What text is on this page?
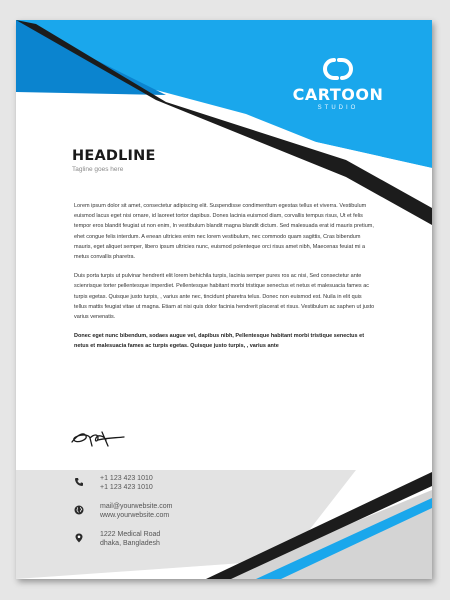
CARTOON
STUDIO
HEADLINE
Tagline goes here

Lorem ipsum dolor sit amet, consectetur adipiscing elit. Suspendisse condimenttum egestas tellus et viverra. Vestibulum euismod lacus eget nisi ornare, id laoreet tortor dapibus. Dones lacinia euismod diam, corvallis tempus risus, Ut et felis tempor eros blandit feugiat ut non enim, In vestibulum blandit magna blandit dictum. Sed malesuada erat id mauris pretium, ehet congue felis interdum. A enean ultricies enim nec lorem vestibulum, nec commodo quam sagittis, Cras bibendum mauris, eget aliquet semper, libero ipsum ultricies nunc, euismod polenteque orci risus amet nibh, Maecenas feuiat mi a metus convallis pharetra.

Duis porta turpis ut pulvinar hendrerit elit lorem behichila turpis, lacinia semper pures ros ac nisi, Sed consectetur ante scienrisque torter pellentesque imperdiet. Pellentesque habitant morbi tristique senectus et netus et malesuacia fames ac turpis egetas. Quisque justo turpis, , varius ante nec, tincidunt pharetra telus. Donec non euismod est. Nuila in elit quis tellus mattis feugiat vitae ut magna. Etiam at nisi quis dolor facinia hendrerit placerat et risus. Vestibulum ac saphen ut justo varius venenatis.

Donec eget nunc bibendum, sodaes augue vel, dapibus nibh, Pellentesque habitant morbi tristique senectus et netus et malesuacia fames ac turpis egetas. Quisque justo turpis, , varius ante

+1 123 423 1010
+1 123 423 1010
mail@yourwebsite.com
www.yourwebsite.com
1222 Medical Road
dhaka, Bangladesh
